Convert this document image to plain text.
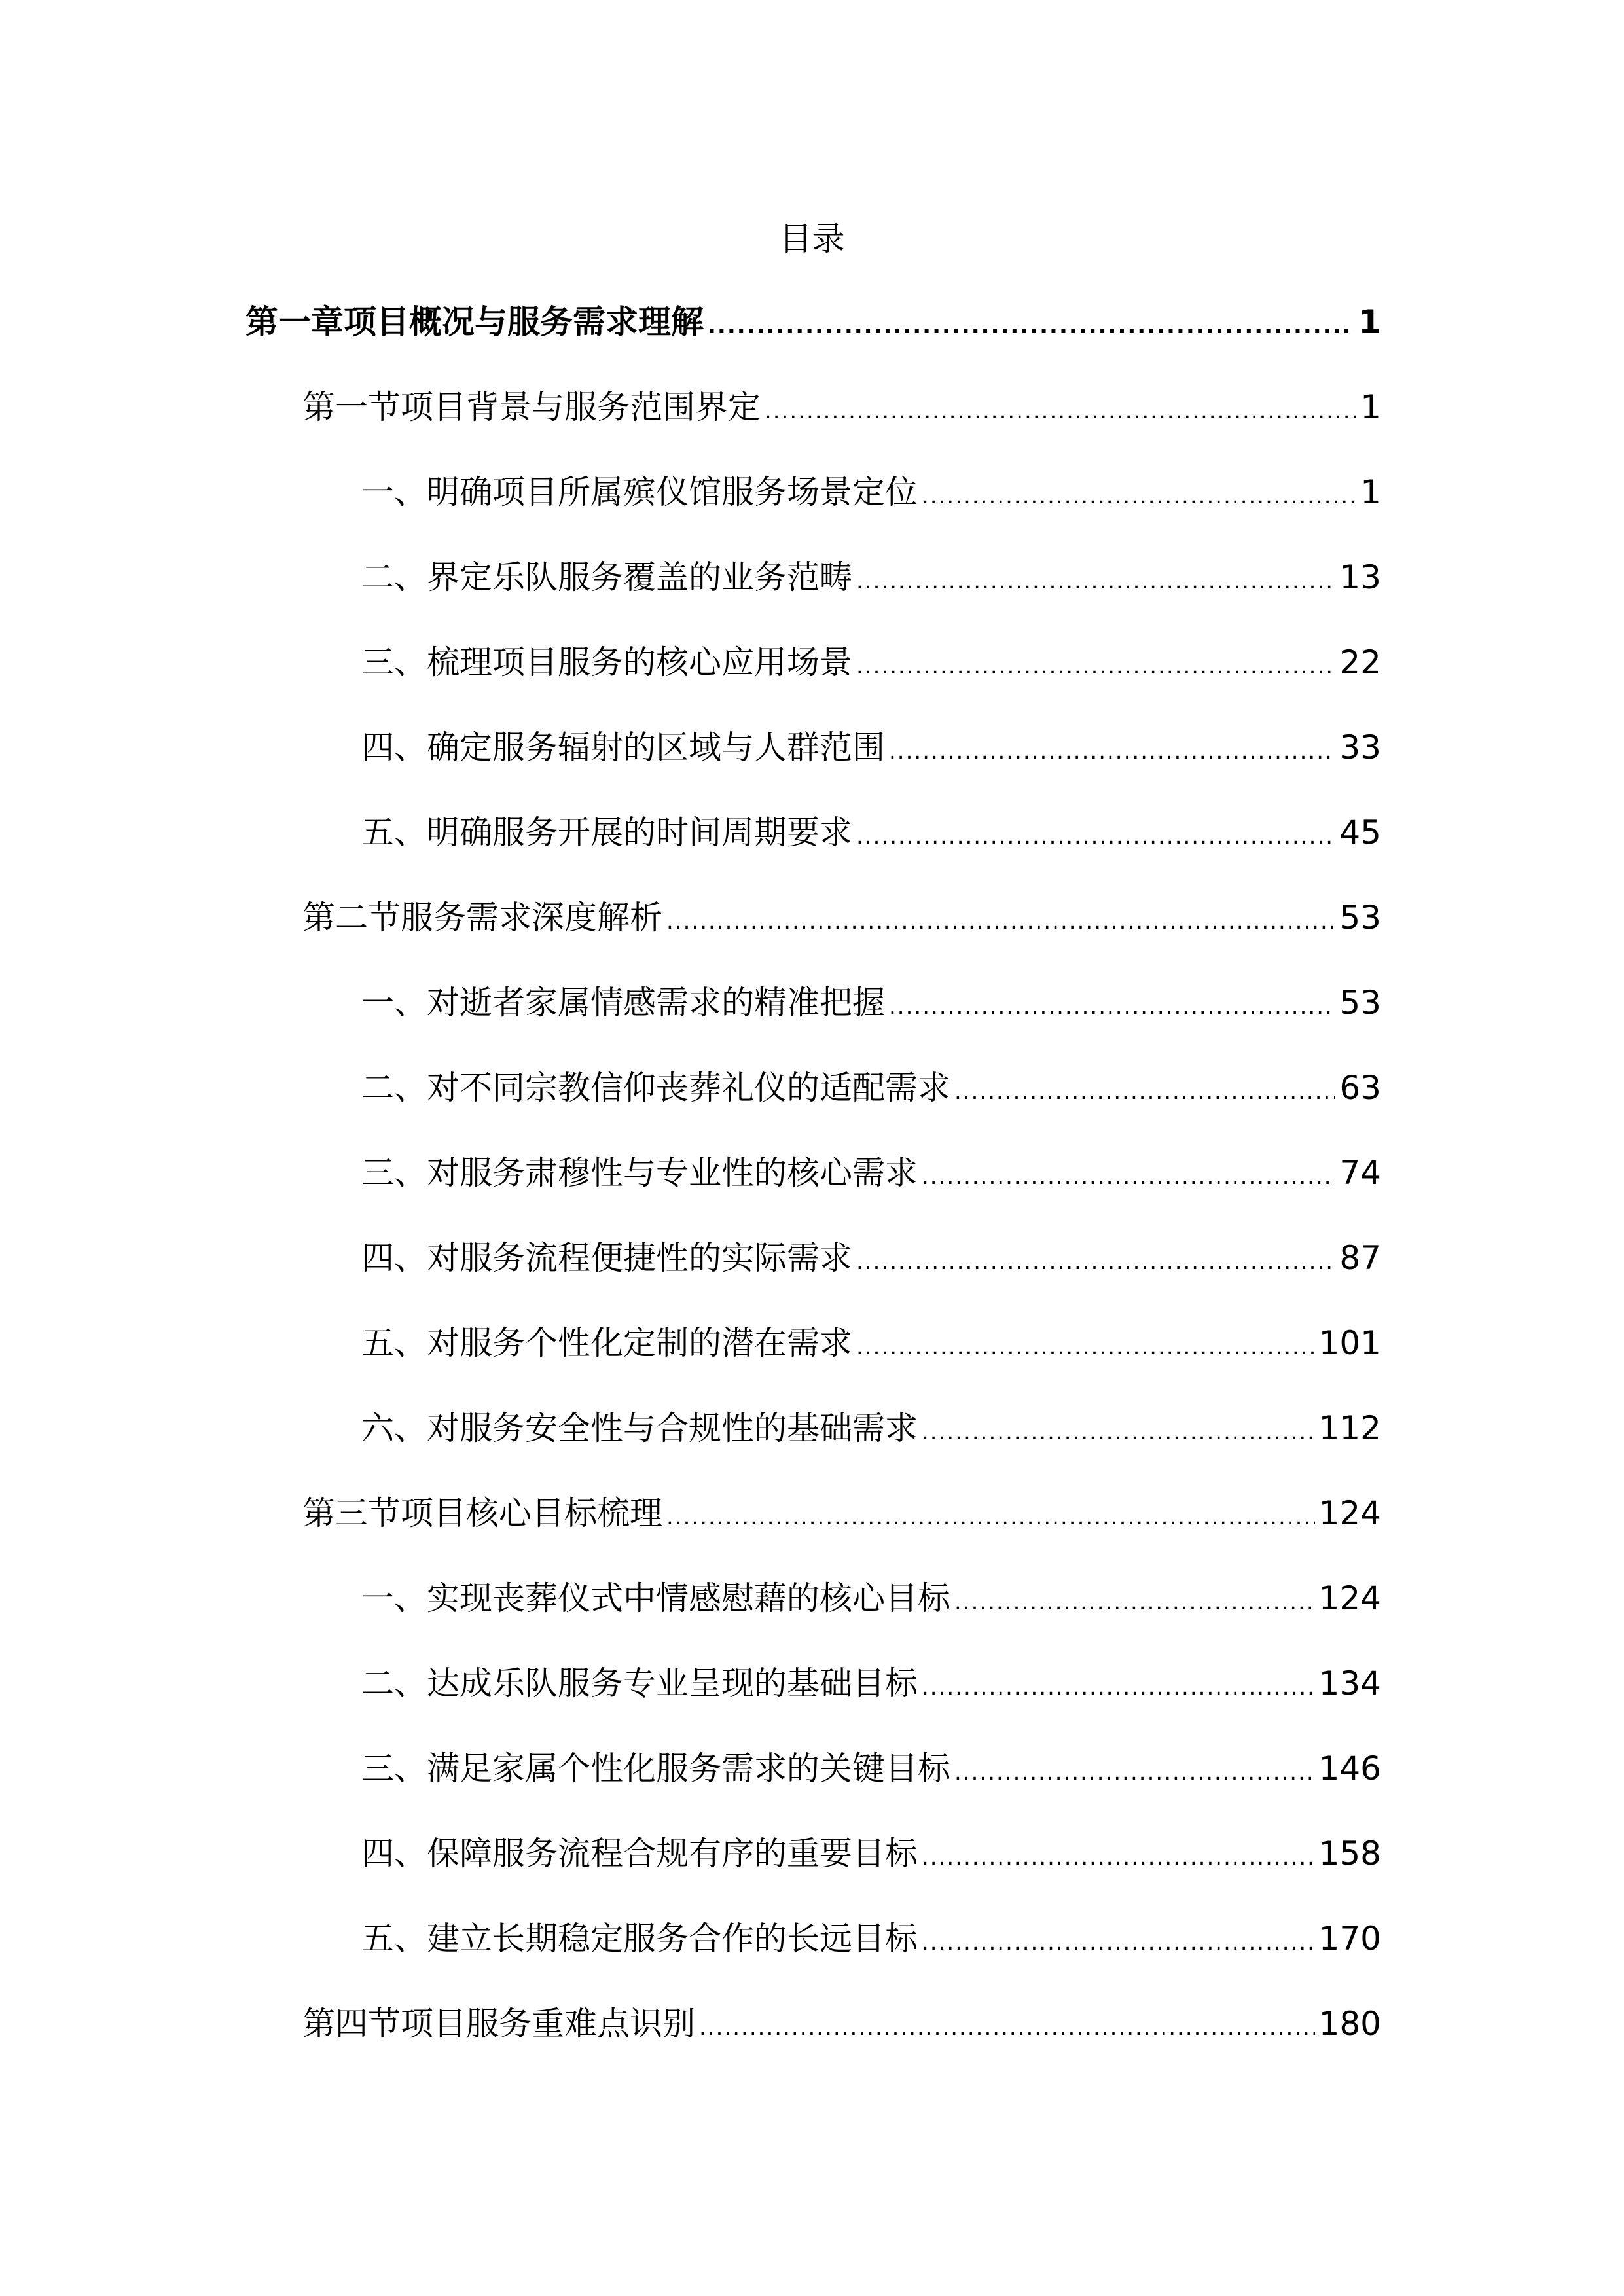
目录
第一章项目概况与服务需求理解 .....	1
第一节项目背景与服务范围界定 .....	1
一、明确项目所属殡仪馆服务场景定位 .....	1
二、界定乐队服务覆盖的业务范畴 .....	13
三、梳理项目服务的核心应用场景 .....	22
四、确定服务辐射的区域与人群范围 .....	33
五、明确服务开展的时间周期要求 .....	45
第二节服务需求深度解析 .....	53
一、对逝者家属情感需求的精准把握 .....	53
二、对不同宗教信仰丧葬礼仪的适配需求 .....	63
三、对服务肃穆性与专业性的核心需求 .....	74
四、对服务流程便捷性的实际需求 .....	87
五、对服务个性化定制的潜在需求 .....	101
六、对服务安全性与合规性的基础需求 .....	112
第三节项目核心目标梳理 .....	124
一、实现丧葬仪式中情感慰藉的核心目标 .....	124
二、达成乐队服务专业呈现的基础目标 .....	134
三、满足家属个性化服务需求的关键目标 .....	146
四、保障服务流程合规有序的重要目标 .....	158
五、建立长期稳定服务合作的长远目标 .....	170
第四节项目服务重难点识别 .....	180
